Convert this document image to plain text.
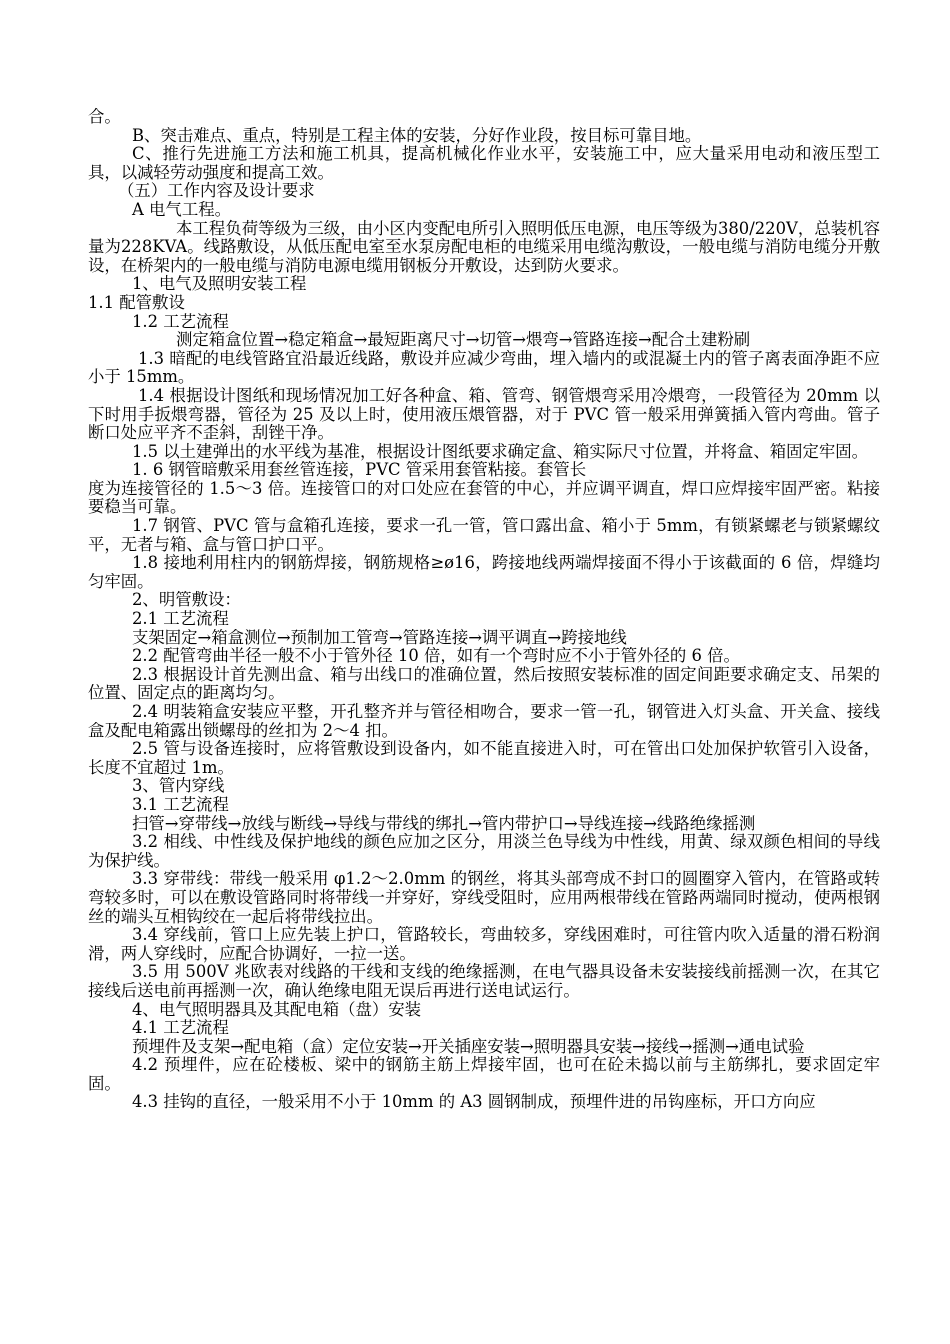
合。

B、突击难点、重点，特别是工程主体的安装，分好作业段，按目标可靠目地。

C、推行先进施工方法和施工机具，提高机械化作业水平，安装施工中，应大量采用电动和液压型工具，以减轻劳动强度和提高工效。

（五）工作内容及设计要求

A 电气工程。

本工程负荷等级为三级，由小区内变配电所引入照明低压电源，电压等级为380/220V，总装机容量为228KVA。线路敷设，从低压配电室至水泵房配电柜的电缆采用电缆沟敷设，一般电缆与消防电缆分开敷设，在桥架内的一般电缆与消防电源电缆用钢板分开敷设，达到防火要求。

1、电气及照明安装工程

1.1 配管敷设

1.2 工艺流程

测定箱盒位置→稳定箱盒→最短距离尺寸→切管→煨弯→管路连接→配合土建粉刷

1.3 暗配的电线管路宜沿最近线路，敷设并应减少弯曲，埋入墙内的或混凝土内的管子离表面净距不应小于 15mm。

1.4 根据设计图纸和现场情况加工好各种盒、箱、管弯、钢管煨弯采用冷煨弯，一段管径为 20mm 以下时用手扳煨弯器，管径为 25 及以上时，使用液压煨管器，对于 PVC 管一般采用弹簧插入管内弯曲。管子断口处应平齐不歪斜，刮锉干净。

1.5 以土建弹出的水平线为基准，根据设计图纸要求确定盒、箱实际尺寸位置，并将盒、箱固定牢固。

1. 6 钢管暗敷采用套丝管连接，PVC 管采用套管粘接。套管长

度为连接管径的 1.5～3 倍。连接管口的对口处应在套管的中心，并应调平调直，焊口应焊接牢固严密。粘接要稳当可靠。

1.7 钢管、PVC 管与盒箱孔连接，要求一孔一管，管口露出盒、箱小于 5mm，有锁紧螺老与锁紧螺纹平，无者与箱、盒与管口护口平。

1.8 接地利用柱内的钢筋焊接，钢筋规格≥ø16，跨接地线两端焊接面不得小于该截面的 6 倍，焊缝均匀牢固。

2、明管敷设：

2.1 工艺流程

支架固定→箱盒测位→预制加工管弯→管路连接→调平调直→跨接地线

2.2 配管弯曲半径一般不小于管外径 10 倍，如有一个弯时应不小于管外径的 6 倍。

2.3 根据设计首先测出盒、箱与出线口的准确位置，然后按照安装标准的固定间距要求确定支、吊架的位置、固定点的距离均匀。

2.4 明装箱盒安装应平整，开孔整齐并与管径相吻合，要求一管一孔，钢管进入灯头盒、开关盒、接线盒及配电箱露出锁螺母的丝扣为 2～4 扣。

2.5 管与设备连接时，应将管敷设到设备内，如不能直接进入时，可在管出口处加保护软管引入设备，长度不宜超过 1m。

3、管内穿线

3.1 工艺流程

扫管→穿带线→放线与断线→导线与带线的绑扎→管内带护口→导线连接→线路绝缘摇测

3.2 相线、中性线及保护地线的颜色应加之区分，用淡兰色导线为中性线，用黄、绿双颜色相间的导线为保护线。

3.3 穿带线：带线一般采用 φ1.2～2.0mm 的钢丝，将其头部弯成不封口的圆圈穿入管内，在管路或转弯较多时，可以在敷设管路同时将带线一并穿好，穿线受阻时，应用两根带线在管路两端同时搅动，使两根钢丝的端头互相钩绞在一起后将带线拉出。

3.4 穿线前，管口上应先装上护口，管路较长，弯曲较多，穿线困难时，可往管内吹入适量的滑石粉润滑，两人穿线时，应配合协调好，一拉一送。

3.5 用 500V 兆欧表对线路的干线和支线的绝缘摇测，在电气器具设备未安装接线前摇测一次，在其它接线后送电前再摇测一次，确认绝缘电阻无误后再进行送电试运行。

4、电气照明器具及其配电箱（盘）安装

4.1 工艺流程

预埋件及支架→配电箱（盒）定位安装→开关插座安装→照明器具安装→接线→摇测→通电试验

4.2 预埋件，应在砼楼板、梁中的钢筋主筋上焊接牢固，也可在砼未捣以前与主筋绑扎，要求固定牢固。

4.3 挂钩的直径，一般采用不小于 10mm 的 A3 圆钢制成，预埋件进的吊钩座标，开口方向应
